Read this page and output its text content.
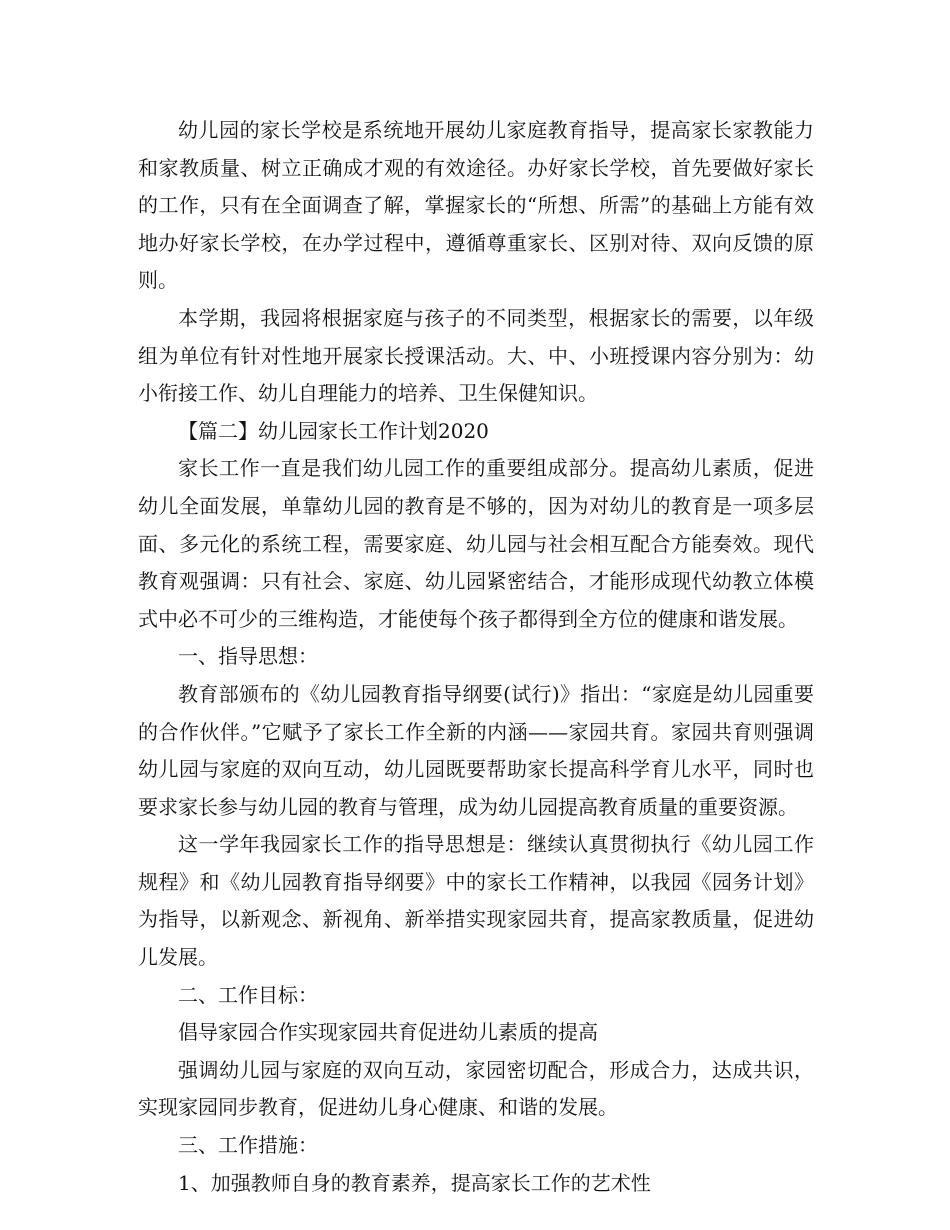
幼儿园的家长学校是系统地开展幼儿家庭教育指导，提高家长家教能力和家教质量、树立正确成才观的有效途径。办好家长学校，首先要做好家长的工作，只有在全面调查了解，掌握家长的“所想、所需”的基础上方能有效地办好家长学校，在办学过程中，遵循尊重家长、区别对待、双向反馈的原则。

本学期，我园将根据家庭与孩子的不同类型，根据家长的需要，以年级组为单位有针对性地开展家长授课活动。大、中、小班授课内容分别为：幼小衔接工作、幼儿自理能力的培养、卫生保健知识。

【篇二】幼儿园家长工作计划2020

家长工作一直是我们幼儿园工作的重要组成部分。提高幼儿素质，促进幼儿全面发展，单靠幼儿园的教育是不够的，因为对幼儿的教育是一项多层面、多元化的系统工程，需要家庭、幼儿园与社会相互配合方能奏效。现代教育观强调：只有社会、家庭、幼儿园紧密结合，才能形成现代幼教立体模式中必不可少的三维构造，才能使每个孩子都得到全方位的健康和谐发展。

一、指导思想：

教育部颁布的《幼儿园教育指导纲要(试行)》指出：“家庭是幼儿园重要的合作伙伴。”它赋予了家长工作全新的内涵——家园共育。家园共育则强调幼儿园与家庭的双向互动，幼儿园既要帮助家长提高科学育儿水平，同时也要求家长参与幼儿园的教育与管理，成为幼儿园提高教育质量的重要资源。

这一学年我园家长工作的指导思想是：继续认真贯彻执行《幼儿园工作规程》和《幼儿园教育指导纲要》中的家长工作精神，以我园《园务计划》为指导，以新观念、新视角、新举措实现家园共育，提高家教质量，促进幼儿发展。

二、工作目标：

倡导家园合作实现家园共育促进幼儿素质的提高

强调幼儿园与家庭的双向互动，家园密切配合，形成合力，达成共识，实现家园同步教育，促进幼儿身心健康、和谐的发展。

三、工作措施：

1、加强教师自身的教育素养，提高家长工作的艺术性
